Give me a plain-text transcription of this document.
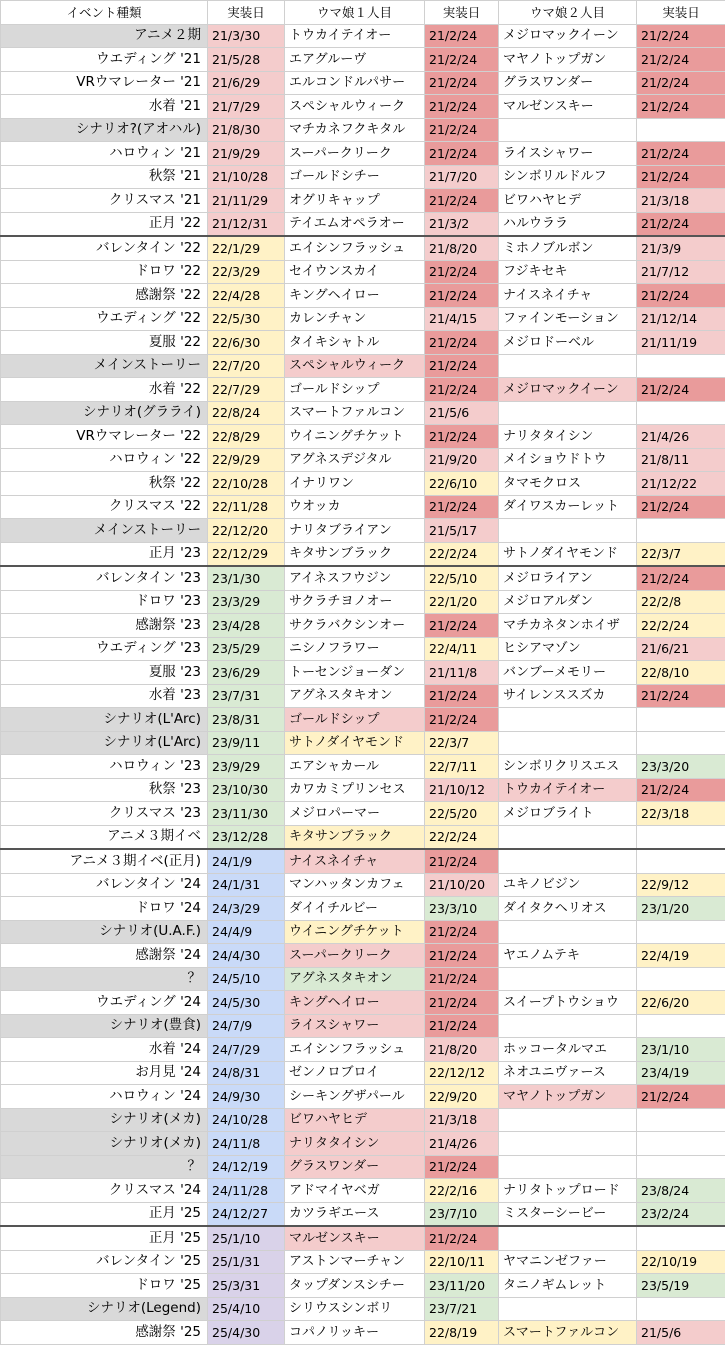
イベント種類	実装日	ウマ娘１人目	実装日	ウマ娘２人目	実装日
アニメ２期	21/3/30	トウカイテイオー	21/2/24	メジロマックイーン	21/2/24
ウエディング '21	21/5/28	エアグルーヴ	21/2/24	マヤノトップガン	21/2/24
VRウマレーター '21	21/6/29	エルコンドルパサー	21/2/24	グラスワンダー	21/2/24
水着 '21	21/7/29	スペシャルウィーク	21/2/24	マルゼンスキー	21/2/24
シナリオ?(アオハル)	21/8/30	マチカネフクキタル	21/2/24		
ハロウィン '21	21/9/29	スーパークリーク	21/2/24	ライスシャワー	21/2/24
秋祭 '21	21/10/28	ゴールドシチー	21/7/20	シンボリルドルフ	21/2/24
クリスマス '21	21/11/29	オグリキャップ	21/2/24	ビワハヤヒデ	21/3/18
正月 '22	21/12/31	テイエムオペラオー	21/3/2	ハルウララ	21/2/24
バレンタイン '22	22/1/29	エイシンフラッシュ	21/8/20	ミホノブルボン	21/3/9
ドロワ '22	22/3/29	セイウンスカイ	21/2/24	フジキセキ	21/7/12
感謝祭 '22	22/4/28	キングヘイロー	21/2/24	ナイスネイチャ	21/2/24
ウエディング '22	22/5/30	カレンチャン	21/4/15	ファインモーション	21/12/14
夏服 '22	22/6/30	タイキシャトル	21/2/24	メジロドーベル	21/11/19
メインストーリー	22/7/20	スペシャルウィーク	21/2/24		
水着 '22	22/7/29	ゴールドシップ	21/2/24	メジロマックイーン	21/2/24
シナリオ(グラライ)	22/8/24	スマートファルコン	21/5/6		
VRウマレーター '22	22/8/29	ウイニングチケット	21/2/24	ナリタタイシン	21/4/26
ハロウィン '22	22/9/29	アグネスデジタル	21/9/20	メイショウドトウ	21/8/11
秋祭 '22	22/10/28	イナリワン	22/6/10	タマモクロス	21/12/22
クリスマス '22	22/11/28	ウオッカ	21/2/24	ダイワスカーレット	21/2/24
メインストーリー	22/12/20	ナリタブライアン	21/5/17		
正月 '23	22/12/29	キタサンブラック	22/2/24	サトノダイヤモンド	22/3/7
バレンタイン '23	23/1/30	アイネスフウジン	22/5/10	メジロライアン	21/2/24
ドロワ '23	23/3/29	サクラチヨノオー	22/1/20	メジロアルダン	22/2/8
感謝祭 '23	23/4/28	サクラバクシンオー	21/2/24	マチカネタンホイザ	22/2/24
ウエディング '23	23/5/29	ニシノフラワー	22/4/11	ヒシアマゾン	21/6/21
夏服 '23	23/6/29	トーセンジョーダン	21/11/8	バンブーメモリー	22/8/10
水着 '23	23/7/31	アグネスタキオン	21/2/24	サイレンススズカ	21/2/24
シナリオ(L'Arc)	23/8/31	ゴールドシップ	21/2/24		
シナリオ(L'Arc)	23/9/11	サトノダイヤモンド	22/3/7		
ハロウィン '23	23/9/29	エアシャカール	22/7/11	シンボリクリスエス	23/3/20
秋祭 '23	23/10/30	カワカミプリンセス	21/10/12	トウカイテイオー	21/2/24
クリスマス '23	23/11/30	メジロパーマー	22/5/20	メジロブライト	22/3/18
アニメ３期イベ	23/12/28	キタサンブラック	22/2/24		
アニメ３期イベ(正月)	24/1/9	ナイスネイチャ	21/2/24		
バレンタイン '24	24/1/31	マンハッタンカフェ	21/10/20	ユキノビジン	22/9/12
ドロワ '24	24/3/29	ダイイチルビー	23/3/10	ダイタクヘリオス	23/1/20
シナリオ(U.A.F.)	24/4/9	ウイニングチケット	21/2/24		
感謝祭 '24	24/4/30	スーパークリーク	21/2/24	ヤエノムテキ	22/4/19
？	24/5/10	アグネスタキオン	21/2/24		
ウエディング '24	24/5/30	キングヘイロー	21/2/24	スイープトウショウ	22/6/20
シナリオ(豊食)	24/7/9	ライスシャワー	21/2/24		
水着 '24	24/7/29	エイシンフラッシュ	21/8/20	ホッコータルマエ	23/1/10
お月見 '24	24/8/31	ゼンノロブロイ	22/12/12	ネオユニヴァース	23/4/19
ハロウィン '24	24/9/30	シーキングザパール	22/9/20	マヤノトップガン	21/2/24
シナリオ(メカ)	24/10/28	ビワハヤヒデ	21/3/18		
シナリオ(メカ)	24/11/8	ナリタタイシン	21/4/26		
？	24/12/19	グラスワンダー	21/2/24		
クリスマス '24	24/11/28	アドマイヤベガ	22/2/16	ナリタトップロード	23/8/24
正月 '25	24/12/27	カツラギエース	23/7/10	ミスターシービー	23/2/24
正月 '25	25/1/10	マルゼンスキー	21/2/24		
バレンタイン '25	25/1/31	アストンマーチャン	22/10/11	ヤマニンゼファー	22/10/19
ドロワ '25	25/3/31	タップダンスシチー	23/11/20	タニノギムレット	23/5/19
シナリオ(Legend)	25/4/10	シリウスシンボリ	23/7/21		
感謝祭 '25	25/4/30	コパノリッキー	22/8/19	スマートファルコン	21/5/6
